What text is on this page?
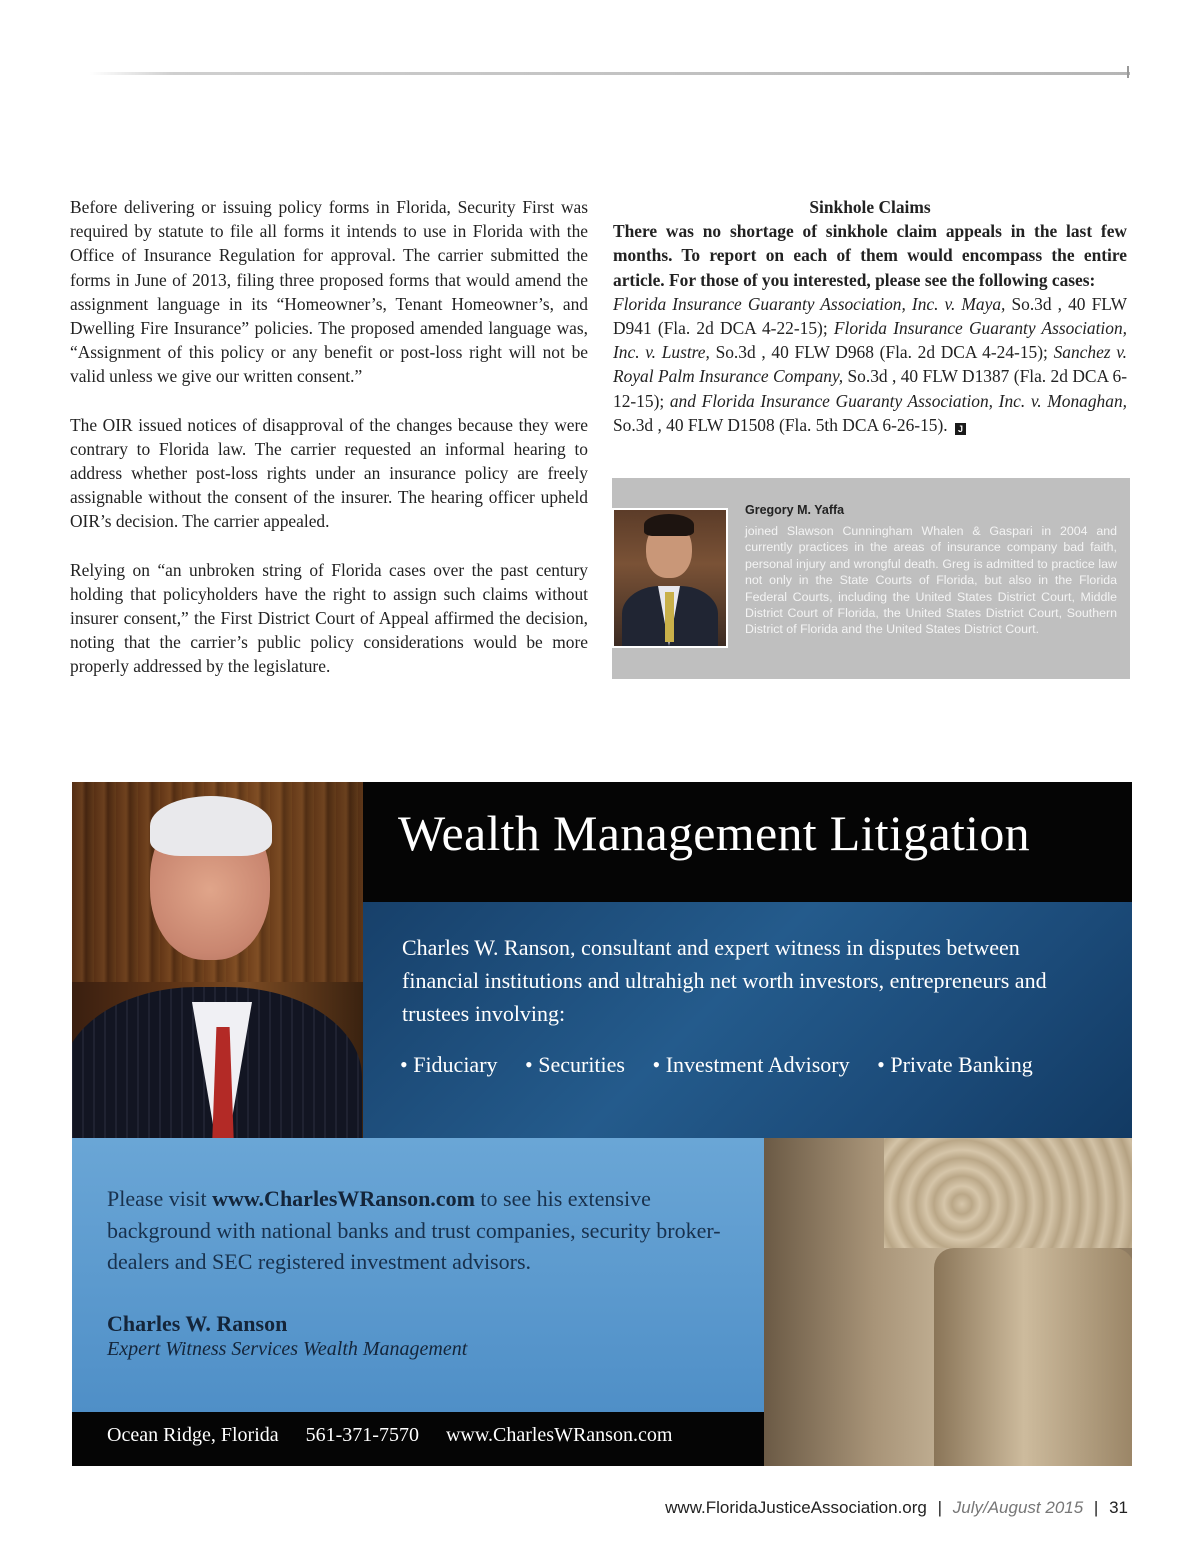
Before delivering or issuing policy forms in Florida, Security First was required by statute to file all forms it intends to use in Florida with the Office of Insurance Regulation for approval. The carrier submitted the forms in June of 2013, filing three proposed forms that would amend the assignment language in its “Homeowner’s, Tenant Homeowner’s, and Dwelling Fire Insurance” policies. The proposed amended language was, “Assignment of this policy or any benefit or post-loss right will not be valid unless we give our written consent.”

The OIR issued notices of disapproval of the changes because they were contrary to Florida law. The carrier requested an informal hearing to address whether post-loss rights under an insurance policy are freely assignable without the consent of the insurer. The hearing officer upheld OIR’s decision. The carrier appealed.

Relying on “an unbroken string of Florida cases over the past century holding that policyholders have the right to assign such claims without insurer consent,” the First District Court of Appeal affirmed the decision, noting that the carrier’s public policy considerations would be more properly addressed by the legislature.

Sinkhole Claims

There was no shortage of sinkhole claim appeals in the last few months. To report on each of them would encompass the entire article. For those of you interested, please see the following cases:

Florida Insurance Guaranty Association, Inc. v. Maya, So.3d , 40 FLW D941 (Fla. 2d DCA 4-22-15); Florida Insurance Guaranty Association, Inc. v. Lustre, So.3d , 40 FLW D968 (Fla. 2d DCA 4-24-15); Sanchez v. Royal Palm Insurance Company, So.3d , 40 FLW D1387 (Fla. 2d DCA 6-12-15); and Florida Insurance Guaranty Association, Inc. v. Monaghan, So.3d , 40 FLW D1508 (Fla. 5th DCA 6-26-15). J

Gregory M. Yaffa
joined Slawson Cunningham Whalen & Gaspari in 2004 and currently practices in the areas of insurance company bad faith, personal injury and wrongful death. Greg is admitted to practice law not only in the State Courts of Florida, but also in the Florida Federal Courts, including the United States District Court, Middle District Court of Florida, the United States District Court, Southern District of Florida and the United States District Court.
Wealth Management Litigation
Charles W. Ranson, consultant and expert witness in disputes between financial institutions and ultrahigh net worth investors, entrepreneurs and trustees involving:
• Fiduciary • Securities • Investment Advisory • Private Banking
Please visit www.CharlesWRanson.com to see his extensive background with national banks and trust companies, security broker-dealers and SEC registered investment advisors.
Charles W. Ranson
Expert Witness Services Wealth Management
Ocean Ridge, Florida 561-371-7570 www.CharlesWRanson.com
www.FloridaJusticeAssociation.org | July/August 2015 | 31
